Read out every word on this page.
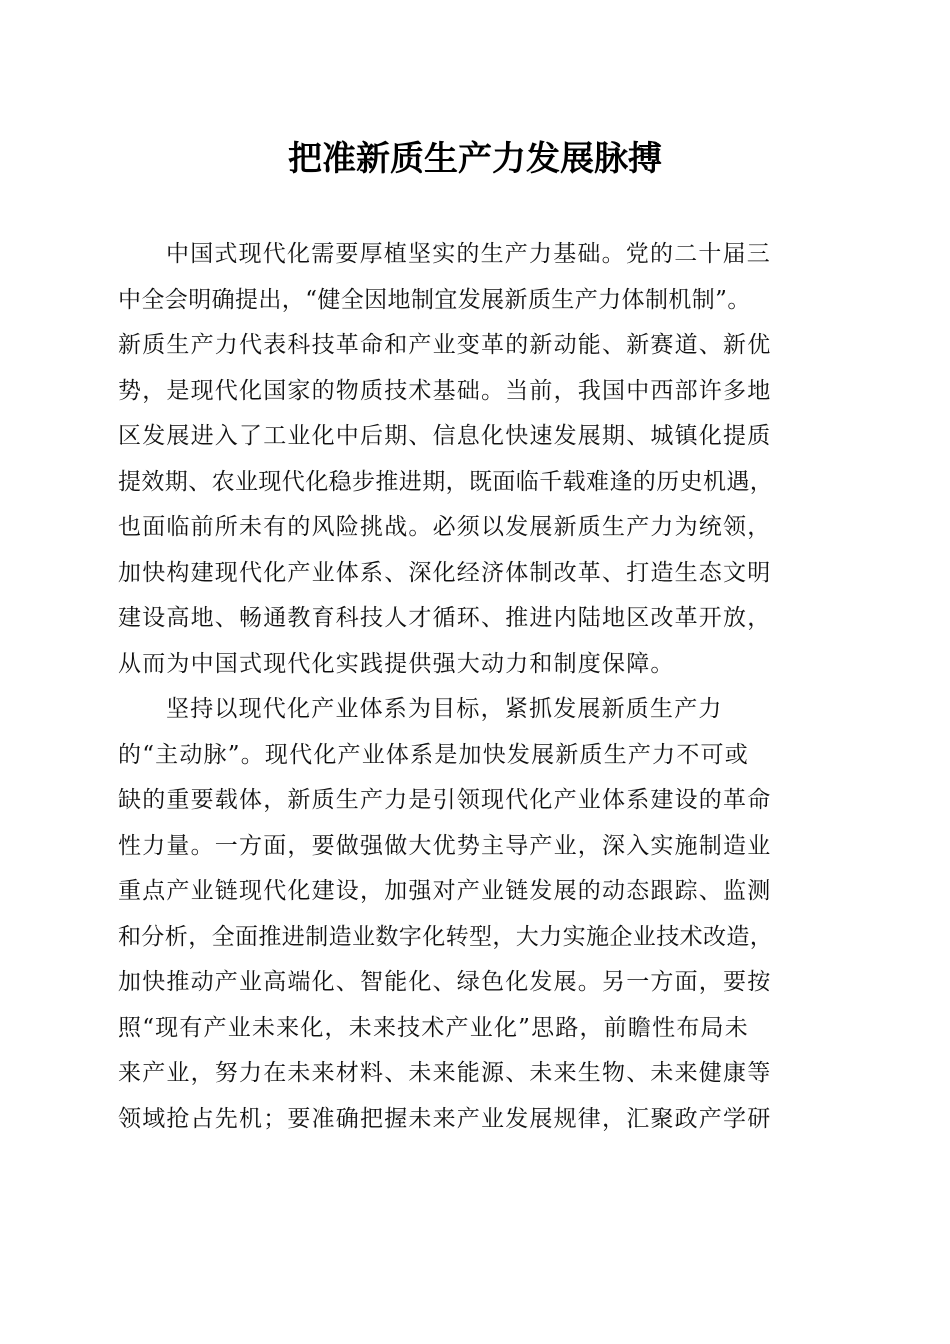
把准新质生产力发展脉搏
中国式现代化需要厚植坚实的生产力基础。党的二十届三
中全会明确提出，“健全因地制宜发展新质生产力体制机制”。
新质生产力代表科技革命和产业变革的新动能、新赛道、新优
势，是现代化国家的物质技术基础。当前，我国中西部许多地
区发展进入了工业化中后期、信息化快速发展期、城镇化提质
提效期、农业现代化稳步推进期，既面临千载难逢的历史机遇，
也面临前所未有的风险挑战。必须以发展新质生产力为统领，
加快构建现代化产业体系、深化经济体制改革、打造生态文明
建设高地、畅通教育科技人才循环、推进内陆地区改革开放，
从而为中国式现代化实践提供强大动力和制度保障。
坚持以现代化产业体系为目标，紧抓发展新质生产力
的“主动脉”。现代化产业体系是加快发展新质生产力不可或
缺的重要载体，新质生产力是引领现代化产业体系建设的革命
性力量。一方面，要做强做大优势主导产业，深入实施制造业
重点产业链现代化建设，加强对产业链发展的动态跟踪、监测
和分析，全面推进制造业数字化转型，大力实施企业技术改造，
加快推动产业高端化、智能化、绿色化发展。另一方面，要按
照“现有产业未来化，未来技术产业化”思路，前瞻性布局未
来产业，努力在未来材料、未来能源、未来生物、未来健康等
领域抢占先机；要准确把握未来产业发展规律，汇聚政产学研
